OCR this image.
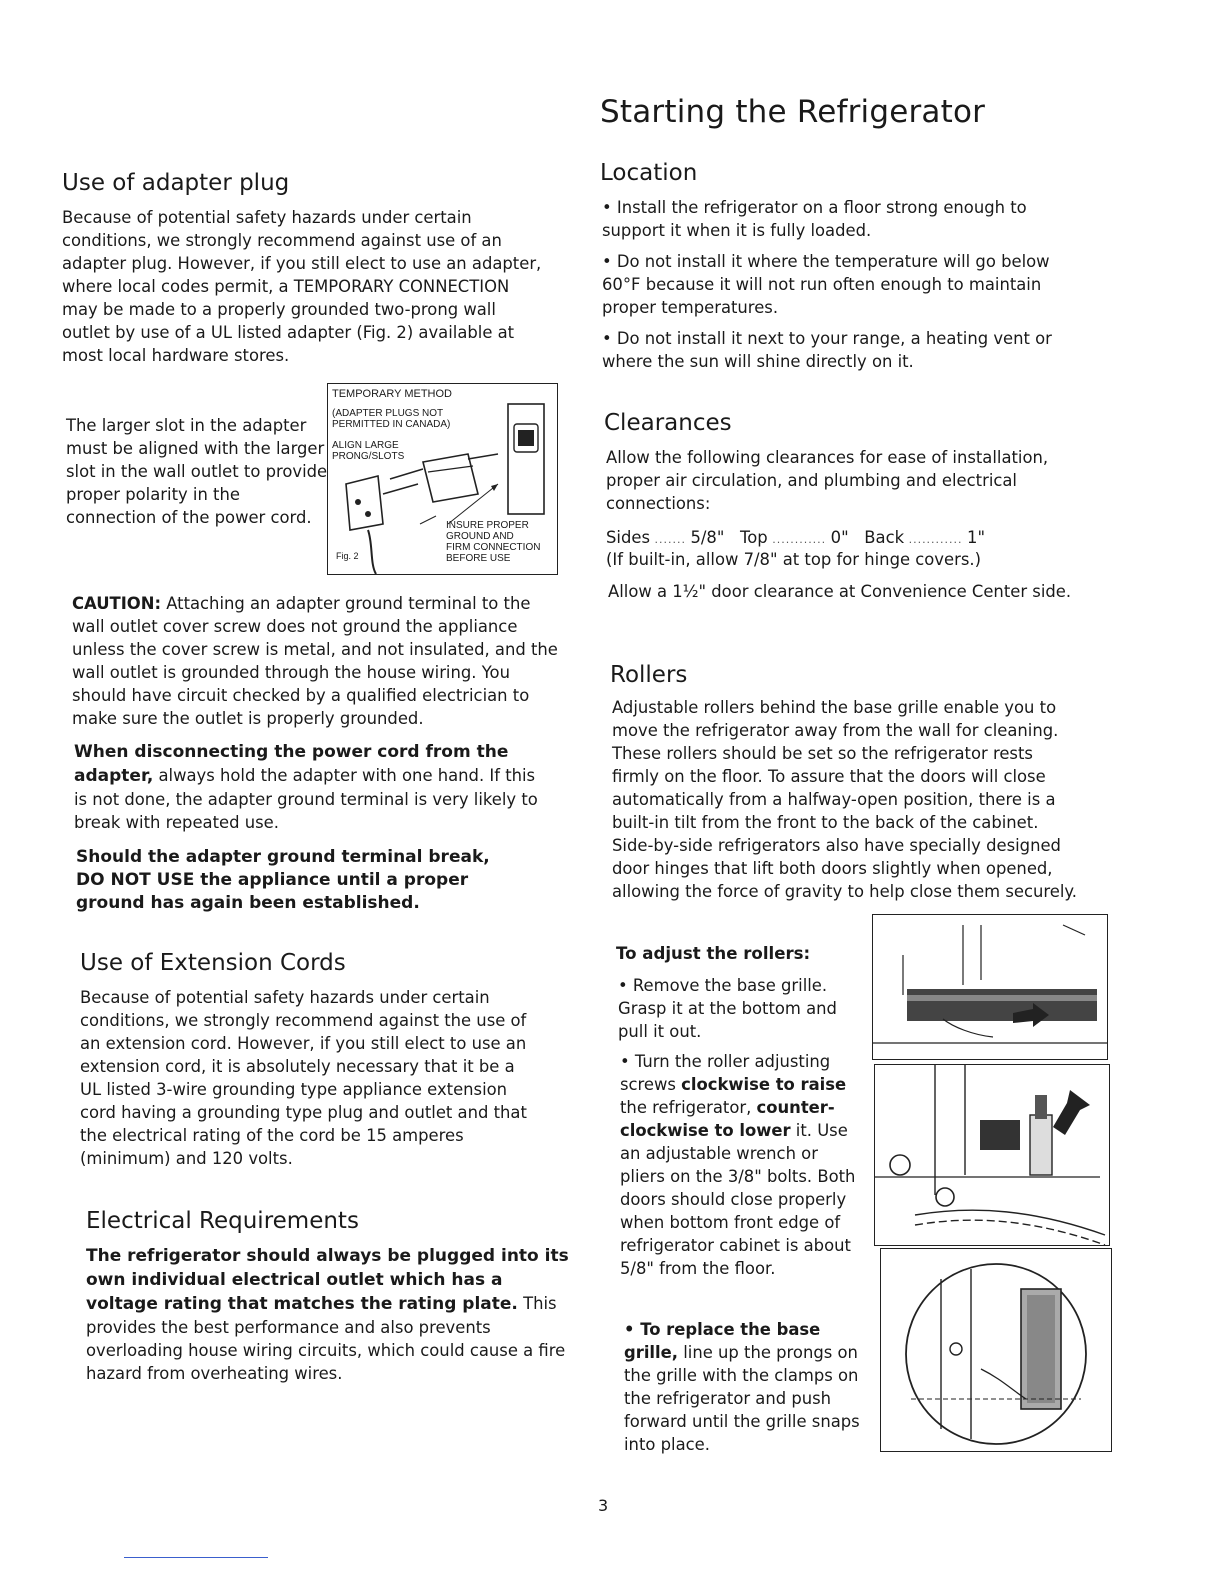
Starting the Refrigerator
Use of adapter plug
Because of potential safety hazards under certain conditions, we strongly recommend against use of an adapter plug. However, if you still elect to use an adapter, where local codes permit, a TEMPORARY CONNECTION may be made to a properly grounded two-prong wall outlet by use of a UL listed adapter (Fig. 2) available at most local hardware stores.
The larger slot in the adapter must be aligned with the larger slot in the wall outlet to provide proper polarity in the connection of the power cord.
TEMPORARY METHOD
(ADAPTER PLUGS NOT
PERMITTED IN CANADA)
ALIGN LARGE
PRONG/SLOTS
INSURE PROPER
GROUND AND
FIRM CONNECTION
BEFORE USE
Fig. 2
CAUTION: Attaching an adapter ground terminal to the wall outlet cover screw does not ground the appliance unless the cover screw is metal, and not insulated, and the wall outlet is grounded through the house wiring. You should have circuit checked by a qualified electrician to make sure the outlet is properly grounded.
When disconnecting the power cord from the adapter, always hold the adapter with one hand. If this is not done, the adapter ground terminal is very likely to break with repeated use.
Should the adapter ground terminal break, DO NOT USE the appliance until a proper ground has again been established.
Use of Extension Cords
Because of potential safety hazards under certain conditions, we strongly recommend against the use of an extension cord. However, if you still elect to use an extension cord, it is absolutely necessary that it be a UL listed 3-wire grounding type appliance extension cord having a grounding type plug and outlet and that the electrical rating of the cord be 15 amperes (minimum) and 120 volts.
Electrical Requirements
The refrigerator should always be plugged into its own individual electrical outlet which has a voltage rating that matches the rating plate. This provides the best performance and also prevents overloading house wiring circuits, which could cause a fire hazard from overheating wires.
Location

• Install the refrigerator on a floor strong enough to support it when it is fully loaded.

• Do not install it where the temperature will go below 60°F because it will not run often enough to maintain proper temperatures.

• Do not install it next to your range, a heating vent or where the sun will shine directly on it.

Clearances
Allow the following clearances for ease of installation, proper air circulation, and plumbing and electrical connections:
Sides ....... 5/8" Top ............ 0" Back ............ 1"
(If built-in, allow 7/8" at top for hinge covers.)
Allow a 1½" door clearance at Convenience Center side.
Rollers
Adjustable rollers behind the base grille enable you to move the refrigerator away from the wall for cleaning. These rollers should be set so the refrigerator rests firmly on the floor. To assure that the doors will close automatically from a halfway-open position, there is a built-in tilt from the front to the back of the cabinet. Side-by-side refrigerators also have specially designed door hinges that lift both doors slightly when opened, allowing the force of gravity to help close them securely.
To adjust the rollers:
• Remove the base grille. Grasp it at the bottom and pull it out.
• Turn the roller adjusting screws clockwise to raise the refrigerator, counter-clockwise to lower it. Use an adjustable wrench or pliers on the 3/8" bolts. Both doors should close properly when bottom front edge of refrigerator cabinet is about 5/8" from the floor.
• To replace the base grille, line up the prongs on the grille with the clamps on the refrigerator and push forward until the grille snaps into place.
3
